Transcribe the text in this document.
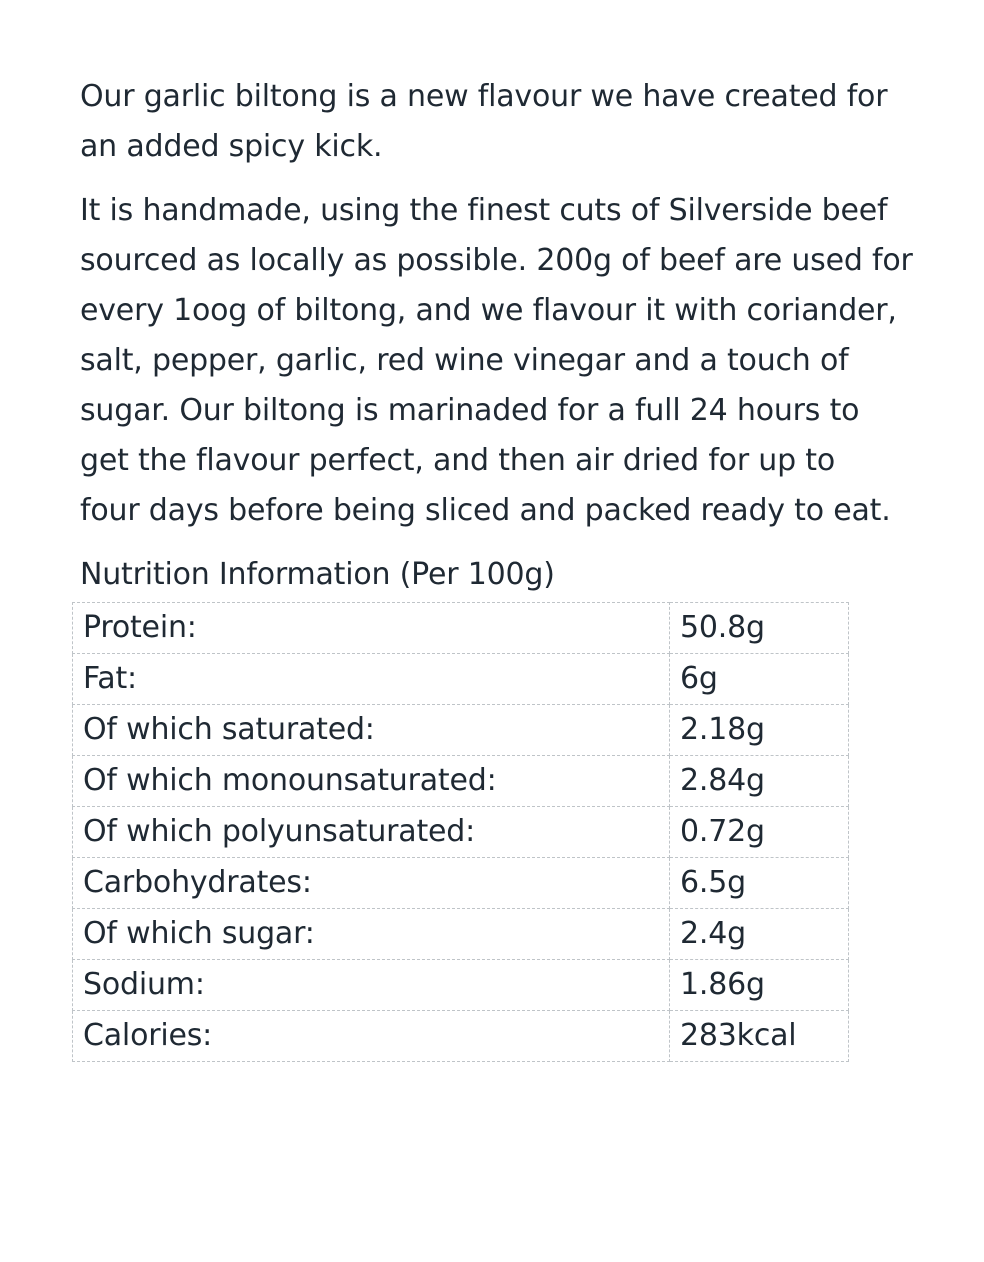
Our garlic biltong is a new flavour we have created for
an added spicy kick.

It is handmade, using the finest cuts of Silverside beef
sourced as locally as possible. 200g of beef are used for
every 1oog of biltong, and we flavour it with coriander,
salt, pepper, garlic, red wine vinegar and a touch of
sugar. Our biltong is marinaded for a full 24 hours to
get the flavour perfect, and then air dried for up to
four days before being sliced and packed ready to eat.

Nutrition Information (Per 100g)

Protein:	50.8g
Fat:	6g
Of which saturated:	2.18g
Of which monounsaturated:	2.84g
Of which polyunsaturated:	0.72g
Carbohydrates:	6.5g
Of which sugar:	2.4g
Sodium:	1.86g
Calories:	283kcal
